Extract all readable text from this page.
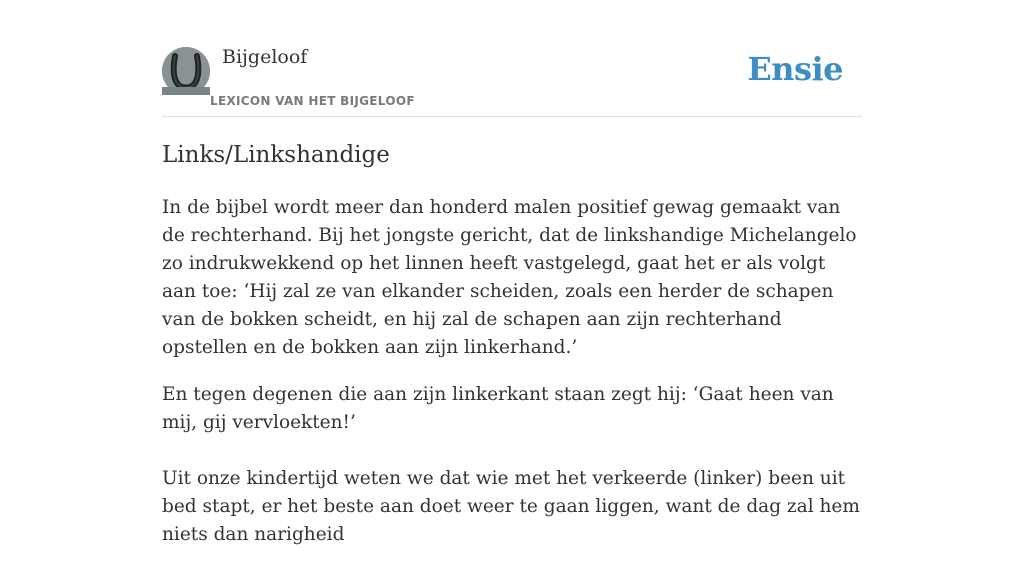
Bijgeloof
LEXICON VAN HET BIJGELOOF
Ensie
Links/Linkshandige

In de bijbel wordt meer dan honderd malen positief gewag gemaakt van de rechterhand. Bij het jongste gericht, dat de linkshandige Michelangelo zo indrukwekkend op het linnen heeft vastgelegd, gaat het er als volgt aan toe: ‘Hij zal ze van elkander scheiden, zoals een herder de schapen van de bokken scheidt, en hij zal de schapen aan zijn rechterhand opstellen en de bokken aan zijn linkerhand.’

En tegen degenen die aan zijn linkerkant staan zegt hij: ‘Gaat heen van mij, gij vervloekten!’

Uit onze kindertijd weten we dat wie met het verkeerde (linker) been uit bed stapt, er het beste aan doet weer te gaan liggen, want de dag zal hem niets dan narigheid
